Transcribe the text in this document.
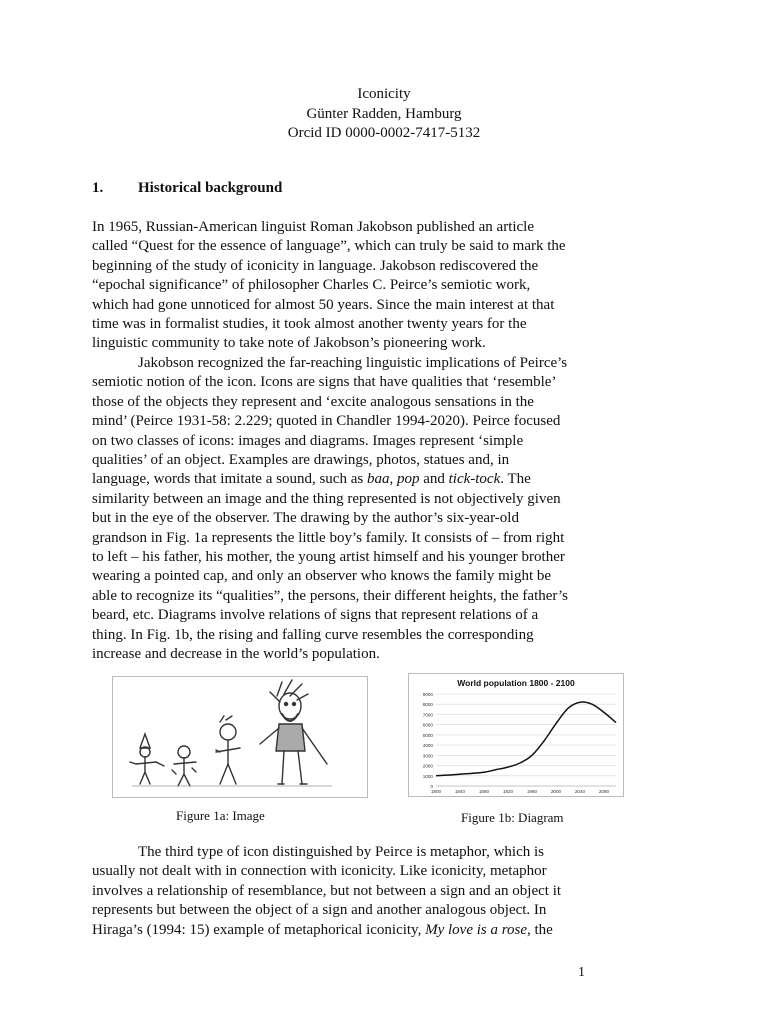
Iconicity
Günter Radden, Hamburg
Orcid ID 0000-0002-7417-5132
1. Historical background
In 1965, Russian-American linguist Roman Jakobson published an article
called “Quest for the essence of language”, which can truly be said to mark the
beginning of the study of iconicity in language. Jakobson rediscovered the
“epochal significance” of philosopher Charles C. Peirce’s semiotic work,
which had gone unnoticed for almost 50 years. Since the main interest at that
time was in formalist studies, it took almost another twenty years for the
linguistic community to take note of Jakobson’s pioneering work.
Jakobson recognized the far-reaching linguistic implications of Peirce’s
semiotic notion of the icon. Icons are signs that have qualities that ‘resemble’
those of the objects they represent and ‘excite analogous sensations in the
mind’ (Peirce 1931-58: 2.229; quoted in Chandler 1994-2020). Peirce focused
on two classes of icons: images and diagrams. Images represent ‘simple
qualities’ of an object. Examples are drawings, photos, statues and, in
language, words that imitate a sound, such as baa, pop and tick-tock. The
similarity between an image and the thing represented is not objectively given
but in the eye of the observer. The drawing by the author’s six-year-old
grandson in Fig. 1a represents the little boy’s family. It consists of – from right
to left – his father, his mother, the young artist himself and his younger brother
wearing a pointed cap, and only an observer who knows the family might be
able to recognize its “qualities”, the persons, their different heights, the father’s
beard, etc. Diagrams involve relations of signs that represent relations of a
thing. In Fig. 1b, the rising and falling curve resembles the corresponding
increase and decrease in the world’s population.
Figure 1a: Image
World population 1800 - 2100
0
1000
2000
3000
4000
5000
6000
7000
8000
9000
1800	1840	1880	1920	1960	2000	2040	2080
Figure 1b: Diagram
The third type of icon distinguished by Peirce is metaphor, which is
usually not dealt with in connection with iconicity. Like iconicity, metaphor
involves a relationship of resemblance, but not between a sign and an object it
represents but between the object of a sign and another analogous object. In
Hiraga’s (1994: 15) example of metaphorical iconicity, My love is a rose, the
1
